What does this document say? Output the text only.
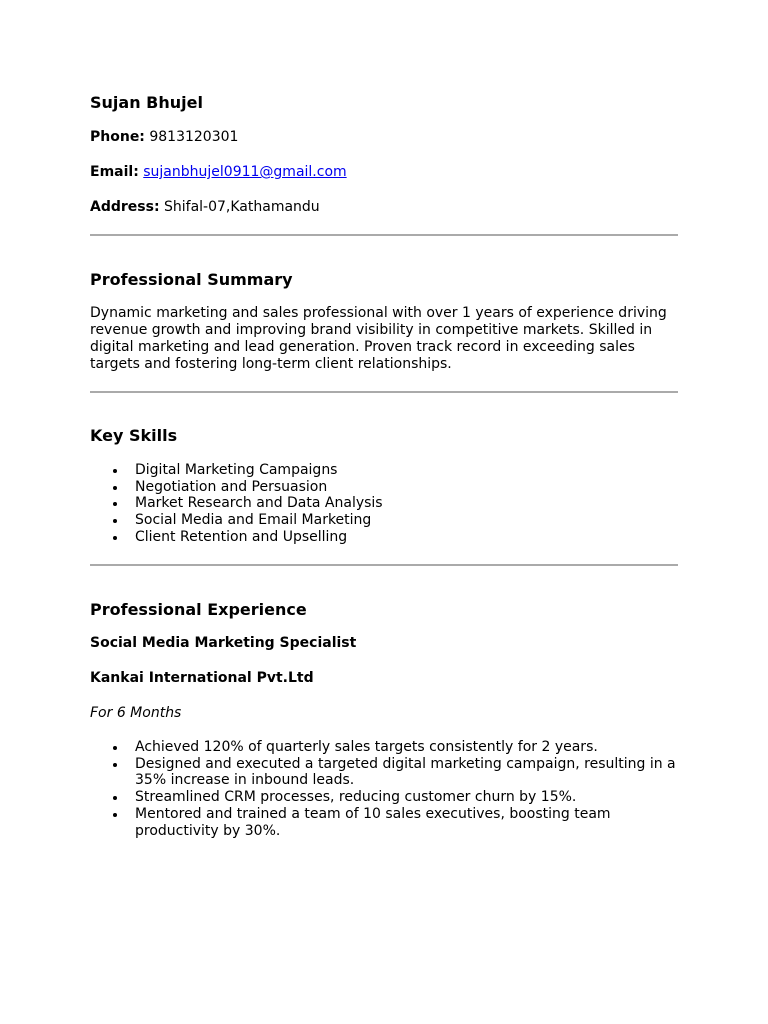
Sujan Bhujel
Phone: 9813120301
Email: sujanbhujel0911@gmail.com
Address: Shifal-07,Kathamandu
Professional Summary

Dynamic marketing and sales professional with over 1 years of experience driving revenue growth and improving brand visibility in competitive markets. Skilled in digital marketing and lead generation. Proven track record in exceeding sales targets and fostering long-term client relationships.

Key Skills
Digital Marketing Campaigns
Negotiation and Persuasion
Market Research and Data Analysis
Social Media and Email Marketing
Client Retention and Upselling
Professional Experience
Social Media Marketing Specialist
Kankai International Pvt.Ltd
For 6 Months
Achieved 120% of quarterly sales targets consistently for 2 years.
Designed and executed a targeted digital marketing campaign, resulting in a 35% increase in inbound leads.
Streamlined CRM processes, reducing customer churn by 15%.
Mentored and trained a team of 10 sales executives, boosting team productivity by 30%.
